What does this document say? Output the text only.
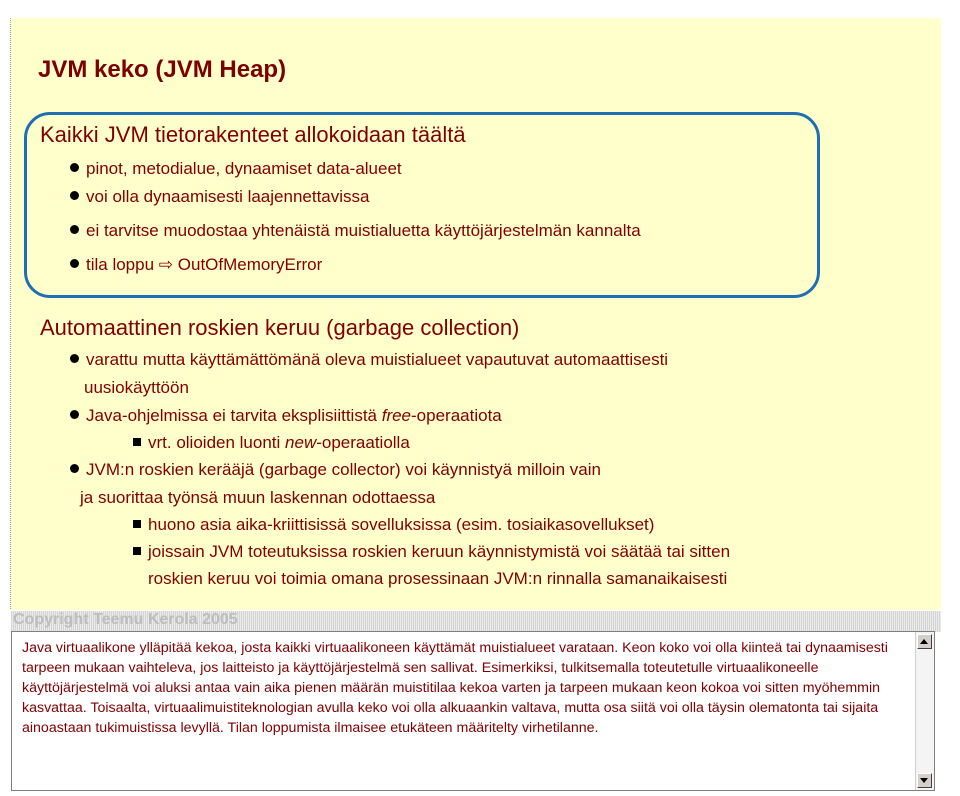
JVM keko (JVM Heap)
Kaikki JVM tietorakenteet allokoidaan täältä
pinot, metodialue, dynaamiset data-alueet
voi olla dynaamisesti laajennettavissa
ei tarvitse muodostaa yhtenäistä muistialuetta käyttöjärjestelmän kannalta
tila loppu ⇨ OutOfMemoryError
Automaattinen roskien keruu (garbage collection)
varattu mutta käyttämättömänä oleva muistialueet vapautuvat automaattisesti
uusiokäyttöön
Java-ohjelmissa ei tarvita eksplisiittistä free-operaatiota
vrt. olioiden luonti new-operaatiolla
JVM:n roskien kerääjä (garbage collector) voi käynnistyä milloin vain
ja suorittaa työnsä muun laskennan odottaessa
huono asia aika-kriittisissä sovelluksissa (esim. tosiaikasovellukset)
joissain JVM toteutuksissa roskien keruun käynnistymistä voi säätää tai sitten
roskien keruu voi toimia omana prosessinaan JVM:n rinnalla samanaikaisesti
Copyright Teemu Kerola 2005
Java virtuaalikone ylläpitää kekoa, josta kaikki virtuaalikoneen käyttämät muistialueet varataan. Keon koko voi olla kiinteä tai dynaamisesti tarpeen mukaan vaihteleva, jos laitteisto ja käyttöjärjestelmä sen sallivat. Esimerkiksi, tulkitsemalla toteutetulle virtuaalikoneelle käyttöjärjestelmä voi aluksi antaa vain aika pienen määrän muistitilaa kekoa varten ja tarpeen mukaan keon kokoa voi sitten myöhemmin kasvattaa. Toisaalta, virtuaalimuistiteknologian avulla keko voi olla alkuaankin valtava, mutta osa siitä voi olla täysin olematonta tai sijaita ainoastaan tukimuistissa levyllä. Tilan loppumista ilmaisee etukäteen määritelty virhetilanne.
